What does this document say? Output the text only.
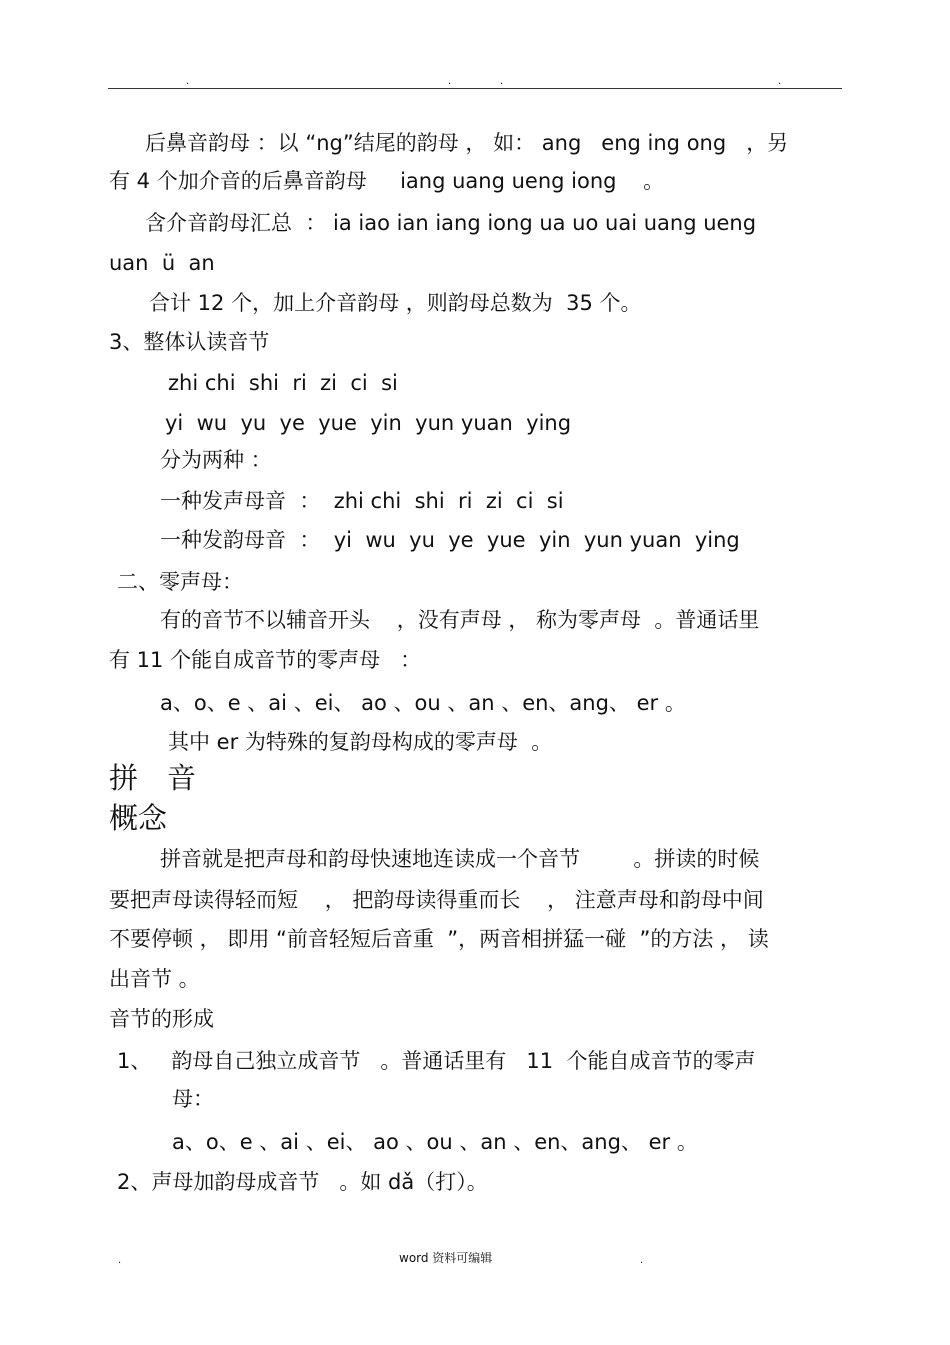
.	.	.	.
后鼻音韵母 ：以 “ng”结尾的韵母 ， 如： ang   eng ing ong   ，另
有 4 个加介音的后鼻音韵母     iang uang ueng iong    。
含介音韵母汇总  ： ia iao ian iang iong ua uo uai uang ueng
uan  ü  an
合计 12 个，加上介音韵母 ，则韵母总数为  35 个。
3、整体认读音节
zhi chi  shi  ri  zi  ci  si
yi  wu  yu  ye  yue  yin  yun yuan  ying
分为两种 ：
一种发声母音  ：  zhi chi  shi  ri  zi  ci  si
一种发韵母音  ：  yi  wu  yu  ye  yue  yin  yun yuan  ying
二、零声母：
有的音节不以辅音开头    ，没有声母 ， 称为零声母  。普通话里
有 11 个能自成音节的零声母   ：
a、o、e 、ai 、ei、 ao 、ou 、an 、en、ang、 er 。
其中 er 为特殊的复韵母构成的零声母  。
拼　音
概念
拼音就是把声母和韵母快速地连读成一个音节        。拼读的时候
要把声母读得轻而短    ， 把韵母读得重而长    ， 注意声母和韵母中间
不要停顿 ， 即用 “前音轻短后音重  ”，两音相拼猛一碰  ”的方法 ， 读
出音节 。
音节的形成
1、   韵母自己独立成音节   。普通话里有   11  个能自成音节的零声
母：
a、o、e 、ai 、ei、 ao 、ou 、an 、en、ang、 er 。
2、声母加韵母成音节   。如 dǎ（打）。
.	word 资料可编辑	.
